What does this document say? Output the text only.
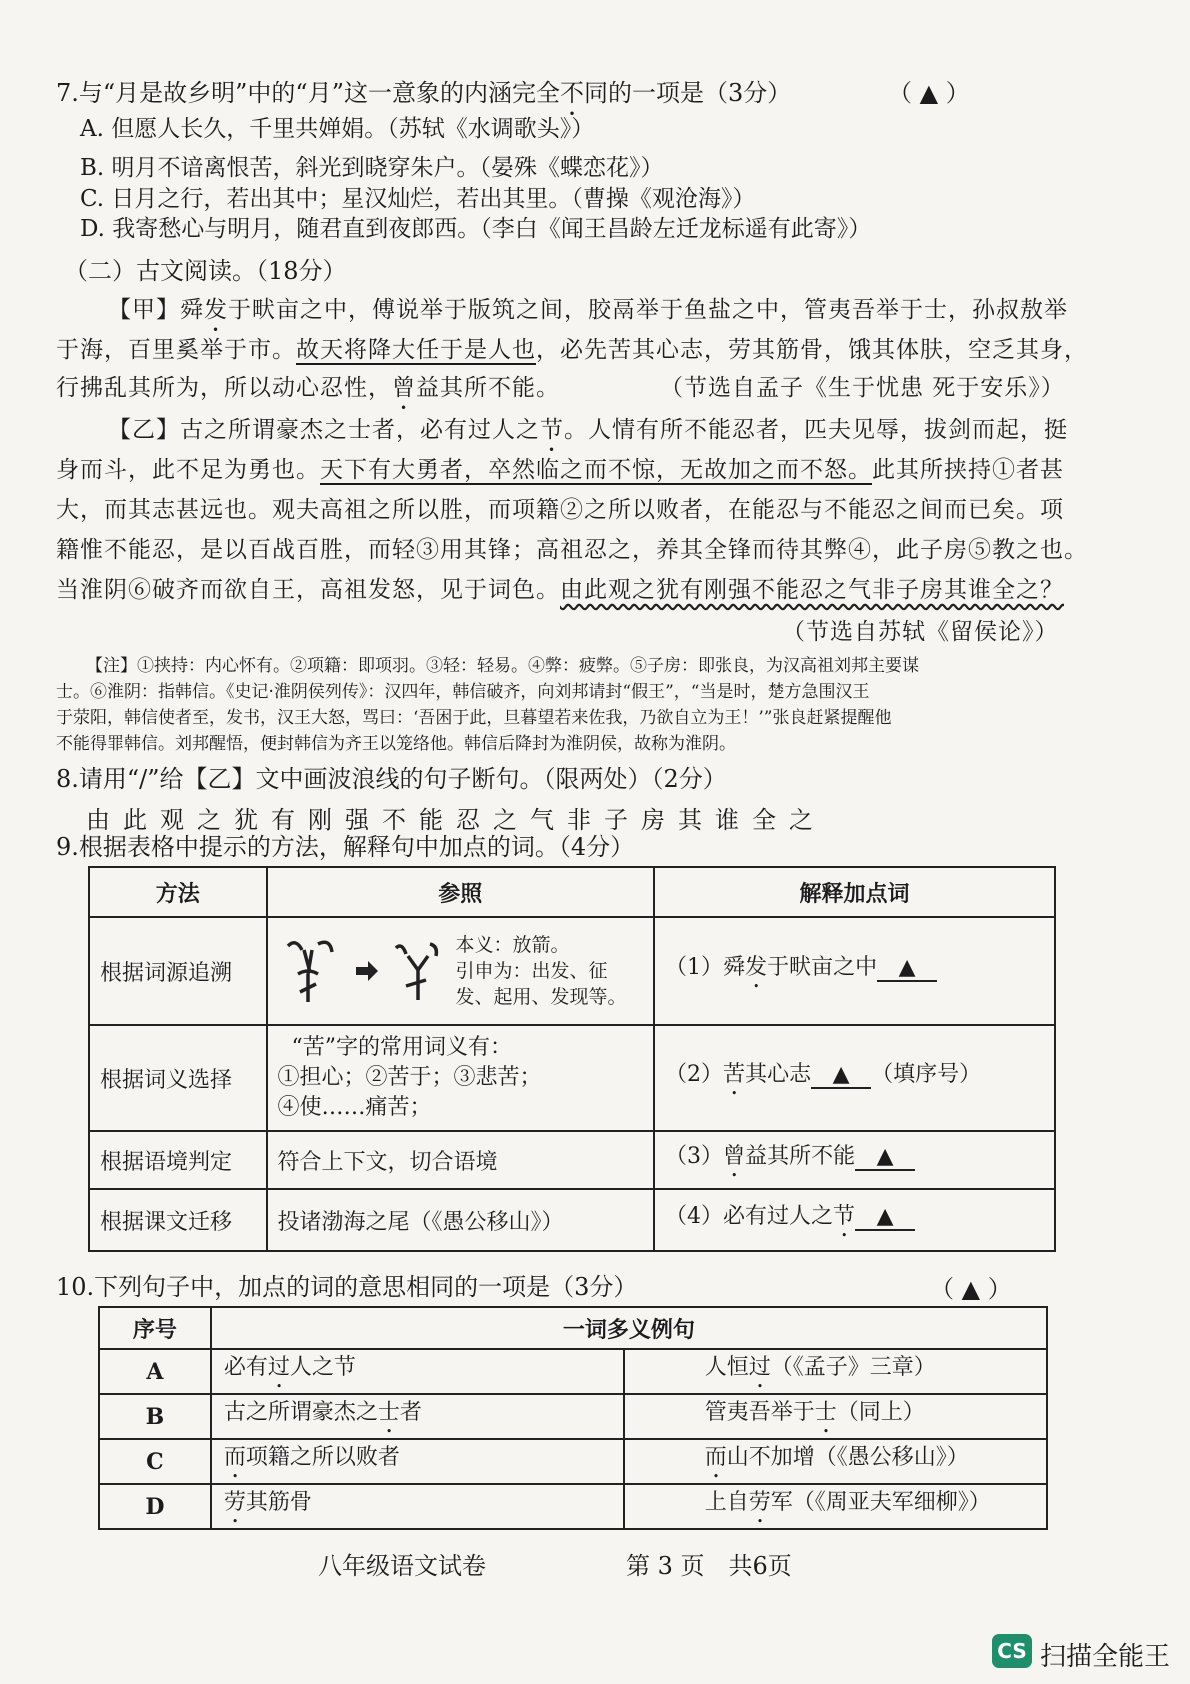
7.与“月是故乡明”中的“月”这一意象的内涵完全不同的一项是（3分）	（ ▲ ）
A. 但愿人长久，千里共婵娟。（苏轼《水调歌头》）
B. 明月不谙离恨苦，斜光到晓穿朱户。（晏殊《蝶恋花》）
C. 日月之行，若出其中；星汉灿烂，若出其里。（曹操《观沧海》）
D. 我寄愁心与明月，随君直到夜郎西。（李白《闻王昌龄左迁龙标遥有此寄》）
（二）古文阅读。（18分）
【甲】舜发于畎亩之中，傅说举于版筑之间，胶鬲举于鱼盐之中，管夷吾举于士，孙叔敖举
于海，百里奚举于市。故天将降大任于是人也，必先苦其心志，劳其筋骨，饿其体肤，空乏其身，
行拂乱其所为，所以动心忍性，曾益其所不能。	（节选自孟子《生于忧患 死于安乐》）
【乙】古之所谓豪杰之士者，必有过人之节。人情有所不能忍者，匹夫见辱，拔剑而起，挺
身而斗，此不足为勇也。天下有大勇者，卒然临之而不惊，无故加之而不怒。此其所挟持①者甚
大，而其志甚远也。观夫高祖之所以胜，而项籍②之所以败者，在能忍与不能忍之间而已矣。项
籍惟不能忍，是以百战百胜，而轻③用其锋；高祖忍之，养其全锋而待其弊④，此子房⑤教之也。
当淮阴⑥破齐而欲自王，高祖发怒，见于词色。由此观之犹有刚强不能忍之气非子房其谁全之？
（节选自苏轼《留侯论》）
【注】①挟持：内心怀有。②项籍：即项羽。③轻：轻易。④弊：疲弊。⑤子房：即张良，为汉高祖刘邦主要谋
士。⑥淮阴：指韩信。《史记·淮阴侯列传》：汉四年，韩信破齐，向刘邦请封“假王”，“当是时，楚方急围汉王
于荥阳，韩信使者至，发书，汉王大怒，骂曰：‘吾困于此，旦暮望若来佐我，乃欲自立为王！’”张良赶紧提醒他
不能得罪韩信。刘邦醒悟，便封韩信为齐王以笼络他。韩信后降封为淮阴侯，故称为淮阴。
8.请用“/”给【乙】文中画波浪线的句子断句。（限两处）（2分）
由此观之犹有刚强不能忍之气非子房其谁全之
9.根据表格中提示的方法，解释句中加点的词。（4分）
方法	参照	解释加点词
根据词源追溯	本义：放箭。
引申为：出发、征
发、起用、发现等。	（1）舜发于畎亩之中 ▲
根据词义选择	“苦”字的常用词义有：
①担心；②苦于；③悲苦；
④使……痛苦；	（2）苦其心志 ▲ （填序号）
根据语境判定	符合上下文，切合语境	（3）曾益其所不能 ▲
根据课文迁移	投诸渤海之尾（《愚公移山》）	（4）必有过人之节 ▲
10.下列句子中，加点的词的意思相同的一项是（3分）	（ ▲ ）
序号	一词多义例句	
A	必有过人之节	人恒过（《孟子》三章）
B	古之所谓豪杰之士者	管夷吾举于士（同上）
C	而项籍之所以败者	而山不加增（《愚公移山》）
D	劳其筋骨	上自劳军（《周亚夫军细柳》）
八年级语文试卷	第 3 页　共6页
CS 扫描全能王
